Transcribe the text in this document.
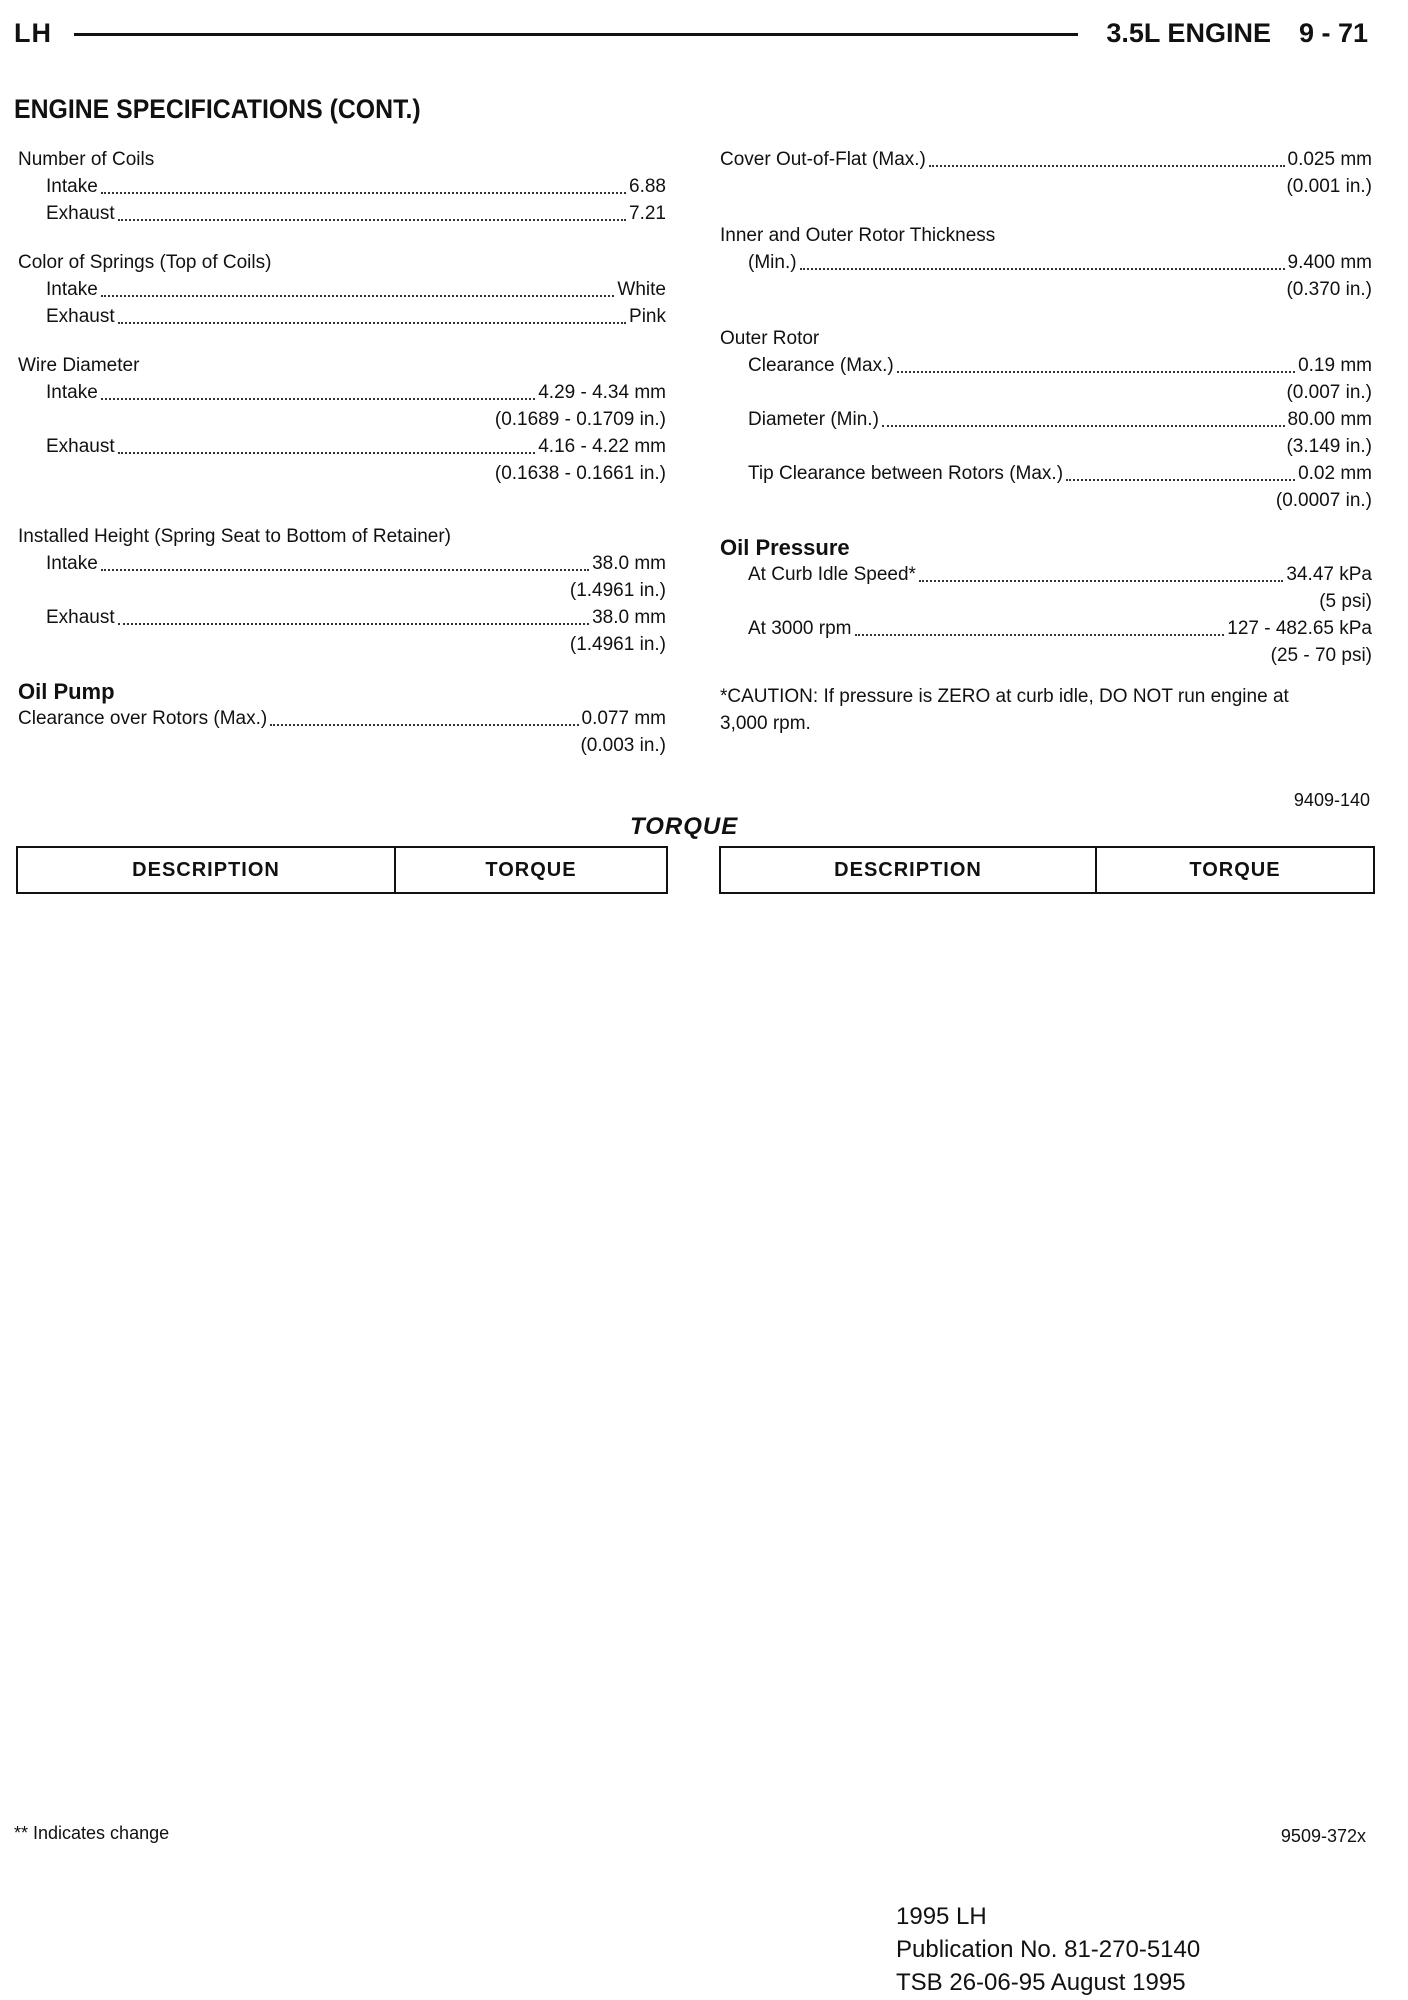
LH	3.5L ENGINE 9 - 71
ENGINE SPECIFICATIONS (CONT.)
Number of Coils
Intake	6.88
Exhaust	7.21
Color of Springs (Top of Coils)
Intake	White
Exhaust	Pink
Wire Diameter
Intake	4.29 - 4.34 mm
(0.1689 - 0.1709 in.)
Exhaust	4.16 - 4.22 mm
(0.1638 - 0.1661 in.)
Installed Height (Spring Seat to Bottom of Retainer)
Intake	38.0 mm
(1.4961 in.)
Exhaust	38.0 mm
(1.4961 in.)
Oil Pump
Clearance over Rotors (Max.)	0.077 mm
(0.003 in.)
Cover Out-of-Flat (Max.)	0.025 mm
(0.001 in.)
Inner and Outer Rotor Thickness
(Min.)	9.400 mm
(0.370 in.)
Outer Rotor
Clearance (Max.)	0.19 mm
(0.007 in.)
Diameter (Min.)	80.00 mm
(3.149 in.)
Tip Clearance between Rotors (Max.)	0.02 mm
(0.0007 in.)
Oil Pressure
At Curb Idle Speed*	34.47 kPa
(5 psi)
At 3000 rpm	127 - 482.65 kPa
(25 - 70 psi)
*CAUTION: If pressure is ZERO at curb idle, DO NOT run engine at
3,000 rpm.
9409-140
TORQUE
DESCRIPTION	TORQUE	DESCRIPTION	TORQUE
** Indicates change	9509-372x
1995 LH
Publication No. 81-270-5140
TSB 26-06-95 August 1995
